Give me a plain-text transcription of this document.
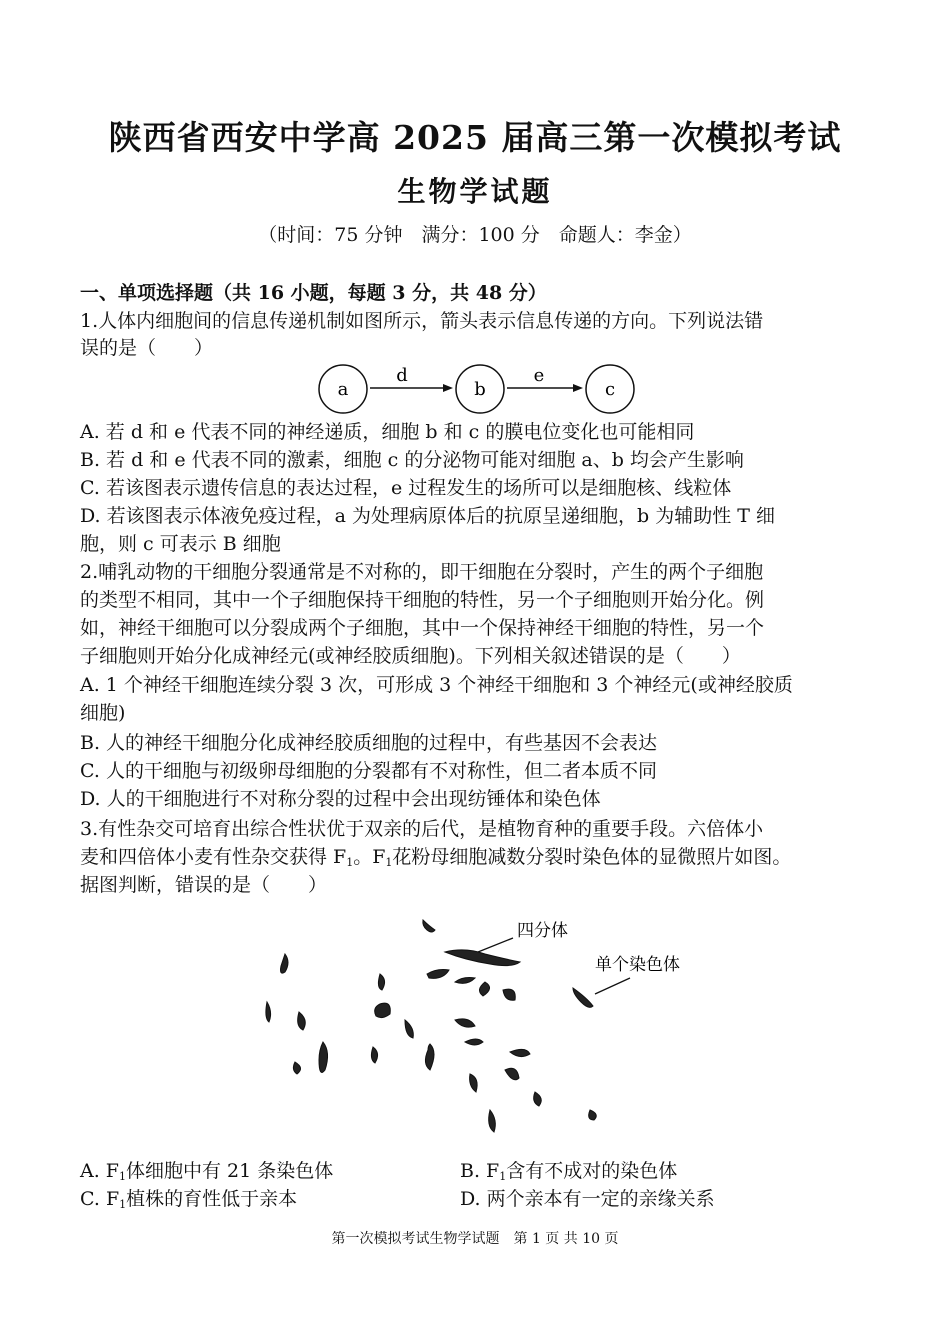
陕西省西安中学高 2025 届高三第一次模拟考试
生物学试题
（时间：75 分钟　满分：100 分　命题人：李金）
一、单项选择题（共 16 小题，每题 3 分，共 48 分）
1.人体内细胞间的信息传递机制如图所示，箭头表示信息传递的方向。下列说法错
误的是（　　）
a	b	c
d	e
A. 若 d 和 e 代表不同的神经递质，细胞 b 和 c 的膜电位变化也可能相同
B. 若 d 和 e 代表不同的激素，细胞 c 的分泌物可能对细胞 a、b 均会产生影响
C. 若该图表示遗传信息的表达过程，e 过程发生的场所可以是细胞核、线粒体
D. 若该图表示体液免疫过程，a 为处理病原体后的抗原呈递细胞，b 为辅助性 T 细
胞，则 c 可表示 B 细胞
2.哺乳动物的干细胞分裂通常是不对称的，即干细胞在分裂时，产生的两个子细胞
的类型不相同，其中一个子细胞保持干细胞的特性，另一个子细胞则开始分化。例
如，神经干细胞可以分裂成两个子细胞，其中一个保持神经干细胞的特性，另一个
子细胞则开始分化成神经元(或神经胶质细胞)。下列相关叙述错误的是（　　）
A. 1 个神经干细胞连续分裂 3 次，可形成 3 个神经干细胞和 3 个神经元(或神经胶质
细胞)
B. 人的神经干细胞分化成神经胶质细胞的过程中，有些基因不会表达
C. 人的干细胞与初级卵母细胞的分裂都有不对称性，但二者本质不同
D. 人的干细胞进行不对称分裂的过程中会出现纺锤体和染色体
3.有性杂交可培育出综合性状优于双亲的后代，是植物育种的重要手段。六倍体小
麦和四倍体小麦有性杂交获得 $F_1$。$F_1$花粉母细胞减数分裂时染色体的显微照片如图。
据图判断，错误的是（　　）
四分体
单个染色体
A. $F_1$体细胞中有 21 条染色体	B. $F_1$含有不成对的染色体
C. $F_1$植株的育性低于亲本	D. 两个亲本有一定的亲缘关系
第一次模拟考试生物学试题　第 1 页 共 10 页
